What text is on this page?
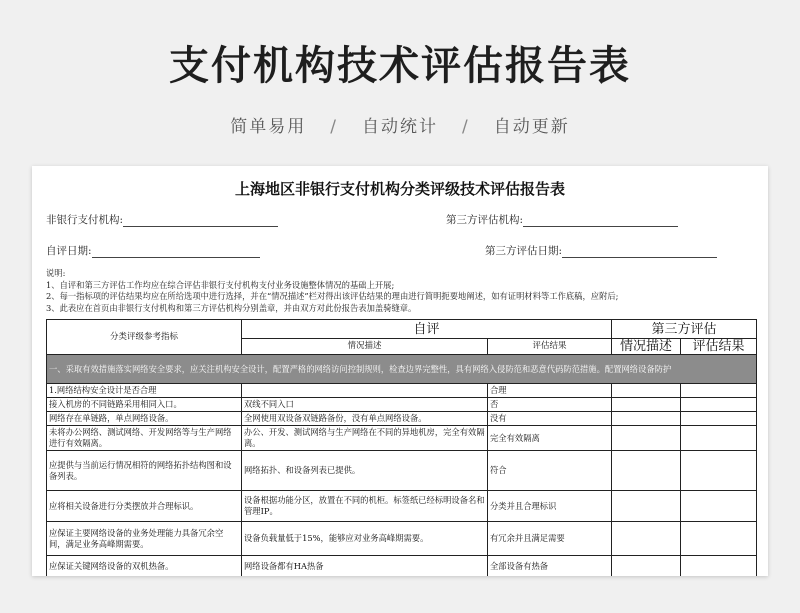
支付机构技术评估报告表
简单易用 / 自动统计 / 自动更新
上海地区非银行支付机构分类评级技术评估报告表
非银行支付机构:	第三方评估机构:
自评日期:	第三方评估日期:
说明:
1、自评和第三方评估工作均应在综合评估非银行支付机构支付业务设施整体情况的基础上开展;
2、每一指标项的评估结果均应在所给选项中进行选择，并在“情况描述”栏对得出该评估结果的理由进行简明扼要地阐述，如有证明材料等工作底稿，应附后;
3、此表应在首页由非银行支付机构和第三方评估机构分别盖章，并由双方对此份报告表加盖骑缝章。
分类评级参考指标	自评		第三方评估	
	情况描述	评估结果	情况描述	评估结果
一、采取有效措施落实网络安全要求，应关注机构安全设计，配置严格的网络访问控制规则，检查边界完整性，具有网络入侵防范和恶意代码防范措施。配置网络设备防护				
1.网络结构安全设计是否合理		合理		
接入机房的不同链路采用相同入口。	双线不同入口	否		
网络存在单链路，单点网络设备。	全网使用双设备双链路备份，没有单点网络设备。	没有		
未将办公网络、测试网络、开发网络等与生产网络进行有效隔离。	办公、开发、测试网络与生产网络在不同的异地机房，完全有效隔离。	完全有效隔离		
应提供与当前运行情况相符的网络拓扑结构图和设备列表。	网络拓扑、和设备列表已提供。	符合		
应将相关设备进行分类摆放并合理标识。	设备根据功能分区，放置在不同的机柜。标签纸已经标明设备名和管理IP。	分类并且合理标识		
应保证主要网络设备的业务处理能力具备冗余空间，满足业务高峰期需要。	设备负载量低于15%，能够应对业务高峰期需要。	有冗余并且满足需要		
应保证关键网络设备的双机热备。	网络设备都有HA热备	全部设备有热备		
